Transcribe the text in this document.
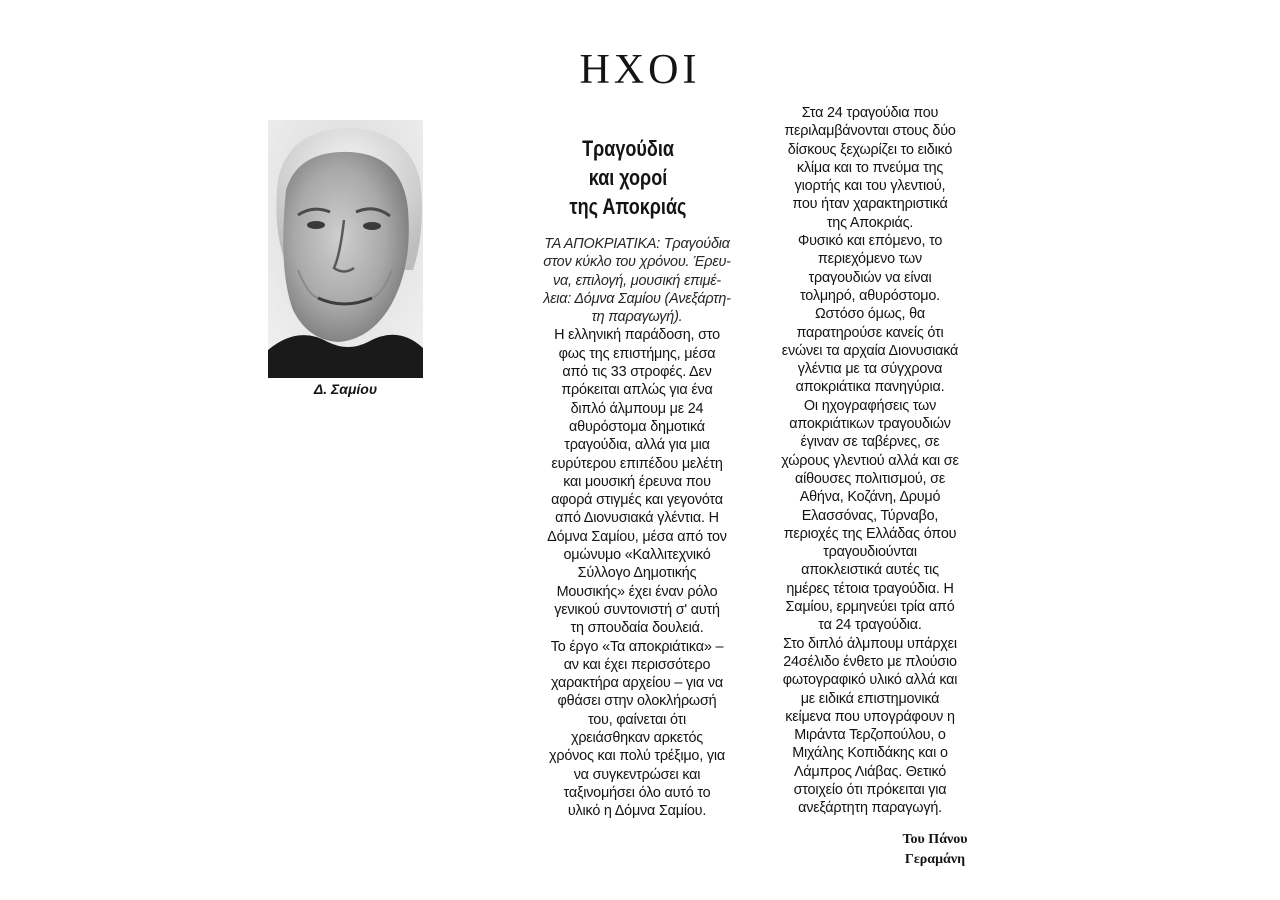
ΗΧΟΙ
Δ. Σαμίου
Τραγούδια
και χοροί
της Αποκριάς
ΤΑ ΑΠΟΚΡΙΑΤΙΚΑ: Τραγούδια
στον κύκλο του χρόνου. Έρευ-
να, επιλογή, μουσική επιμέ-
λεια: Δόμνα Σαμίου (Ανεξάρτη-
τη παραγωγή).
Η ελληνική παράδοση, στο
φως της επιστήμης, μέσα
από τις 33 στροφές. Δεν
πρόκειται απλώς για ένα
διπλό άλμπουμ με 24
αθυρόστομα δημοτικά
τραγούδια, αλλά για μια
ευρύτερου επιπέδου μελέτη
και μουσική έρευνα που
αφορά στιγμές και γεγονότα
από Διονυσιακά γλέντια. Η
Δόμνα Σαμίου, μέσα από τον
ομώνυμο «Καλλιτεχνικό
Σύλλογο Δημοτικής
Μουσικής» έχει έναν ρόλο
γενικού συντονιστή σ' αυτή
τη σπουδαία δουλειά.
Το έργο «Τα αποκριάτικα» –
αν και έχει περισσότερο
χαρακτήρα αρχείου – για να
φθάσει στην ολοκλήρωσή
του, φαίνεται ότι
χρειάσθηκαν αρκετός
χρόνος και πολύ τρέξιμο, για
να συγκεντρώσει και
ταξινομήσει όλο αυτό το
υλικό η Δόμνα Σαμίου.
Στα 24 τραγούδια που
περιλαμβάνονται στους δύο
δίσκους ξεχωρίζει το ειδικό
κλίμα και το πνεύμα της
γιορτής και του γλεντιού,
που ήταν χαρακτηριστικά
της Αποκριάς.
Φυσικό και επόμενο, το
περιεχόμενο των
τραγουδιών να είναι
τολμηρό, αθυρόστομο.
Ωστόσο όμως, θα
παρατηρούσε κανείς ότι
ενώνει τα αρχαία Διονυσιακά
γλέντια με τα σύγχρονα
αποκριάτικα πανηγύρια.
Οι ηχογραφήσεις των
αποκριάτικων τραγουδιών
έγιναν σε ταβέρνες, σε
χώρους γλεντιού αλλά και σε
αίθουσες πολιτισμού, σε
Αθήνα, Κοζάνη, Δρυμό
Ελασσόνας, Τύρναβο,
περιοχές της Ελλάδας όπου
τραγουδιούνται
αποκλειστικά αυτές τις
ημέρες τέτοια τραγούδια. Η
Σαμίου, ερμηνεύει τρία από
τα 24 τραγούδια.
Στο διπλό άλμπουμ υπάρχει
24σέλιδο ένθετο με πλούσιο
φωτογραφικό υλικό αλλά και
με ειδικά επιστημονικά
κείμενα που υπογράφουν η
Μιράντα Τερζοπούλου, ο
Μιχάλης Κοπιδάκης και ο
Λάμπρος Λιάβας. Θετικό
στοιχείο ότι πρόκειται για
ανεξάρτητη παραγωγή.
Του Πάνου
Γεραμάνη
